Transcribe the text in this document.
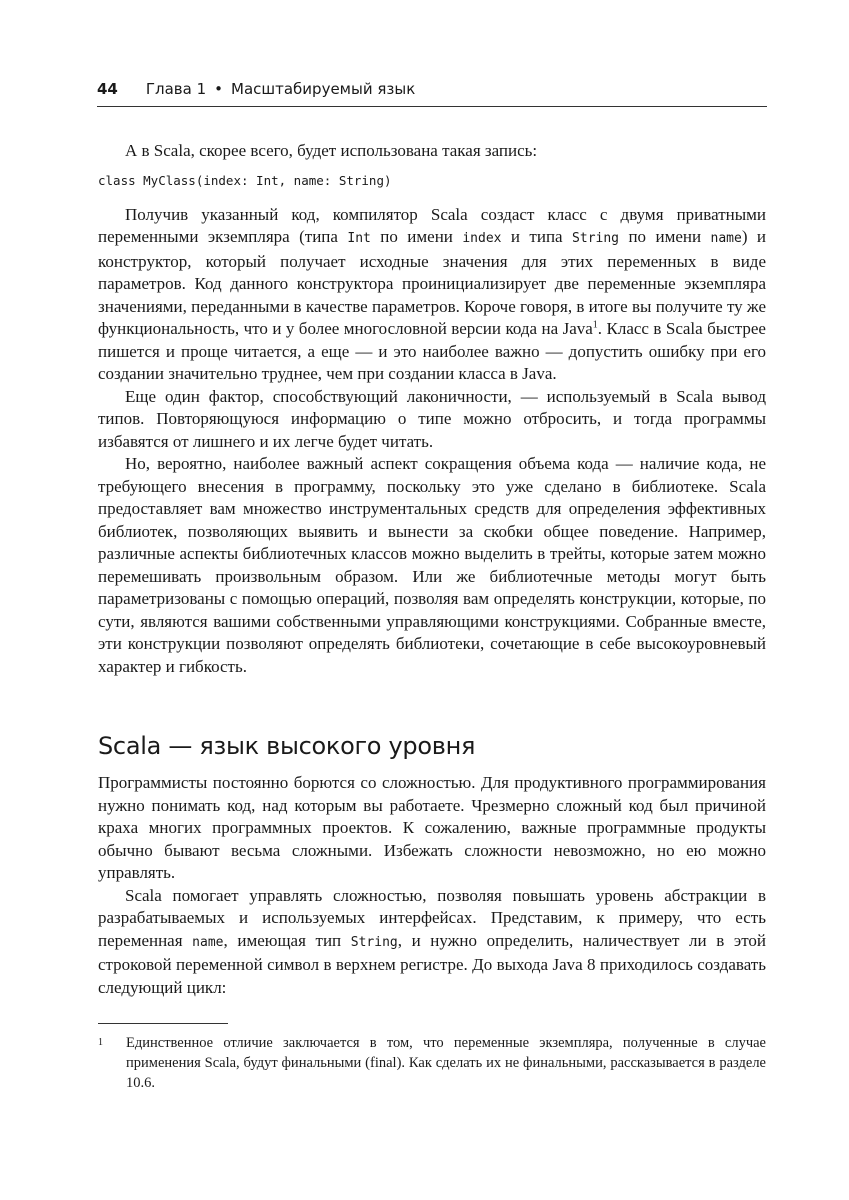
44 Глава 1 • Масштабируемый язык

А в Scala, скорее всего, будет использована такая запись:

class MyClass(index: Int, name: String)

Получив указанный код, компилятор Scala создаст класс с двумя приватными переменными экземпляра (типа Int по имени index и типа String по имени name) и конструктор, который получает исходные значения для этих переменных в виде параметров. Код данного конструктора проинициализирует две переменные экземпляра значениями, переданными в качестве параметров. Короче говоря, в итоге вы получите ту же функциональность, что и у более многословной версии кода на Java$^1$. Класс в Scala быстрее пишется и проще читается, а еще — и это наиболее важно — допустить ошибку при его создании значительно труднее, чем при создании класса в Java.

Еще один фактор, способствующий лаконичности, — используемый в Scala вывод типов. Повторяющуюся информацию о типе можно отбросить, и тогда программы избавятся от лишнего и их легче будет читать.

Но, вероятно, наиболее важный аспект сокращения объема кода — наличие кода, не требующего внесения в программу, поскольку это уже сделано в библиотеке. Scala предоставляет вам множество инструментальных средств для определения эффективных библиотек, позволяющих выявить и вынести за скобки общее поведение. Например, различные аспекты библиотечных классов можно выделить в трейты, которые затем можно перемешивать произвольным образом. Или же библиотечные методы могут быть параметризованы с помощью операций, позволяя вам определять конструкции, которые, по сути, являются вашими собственными управляющими конструкциями. Собранные вместе, эти конструкции позволяют определять библиотеки, сочетающие в себе высокоуровневый характер и гибкость.

Scala — язык высокого уровня

Программисты постоянно борются со сложностью. Для продуктивного программирования нужно понимать код, над которым вы работаете. Чрезмерно сложный код был причиной краха многих программных проектов. К сожалению, важные программные продукты обычно бывают весьма сложными. Избежать сложности невозможно, но ею можно управлять.

Scala помогает управлять сложностью, позволяя повышать уровень абстракции в разрабатываемых и используемых интерфейсах. Представим, к примеру, что есть переменная name, имеющая тип String, и нужно определить, наличествует ли в этой строковой переменной символ в верхнем регистре. До выхода Java 8 приходилось создавать следующий цикл:

1	Единственное отличие заключается в том, что переменные экземпляра, полученные в случае применения Scala, будут финальными (final). Как сделать их не финальными, рассказывается в разделе 10.6.
